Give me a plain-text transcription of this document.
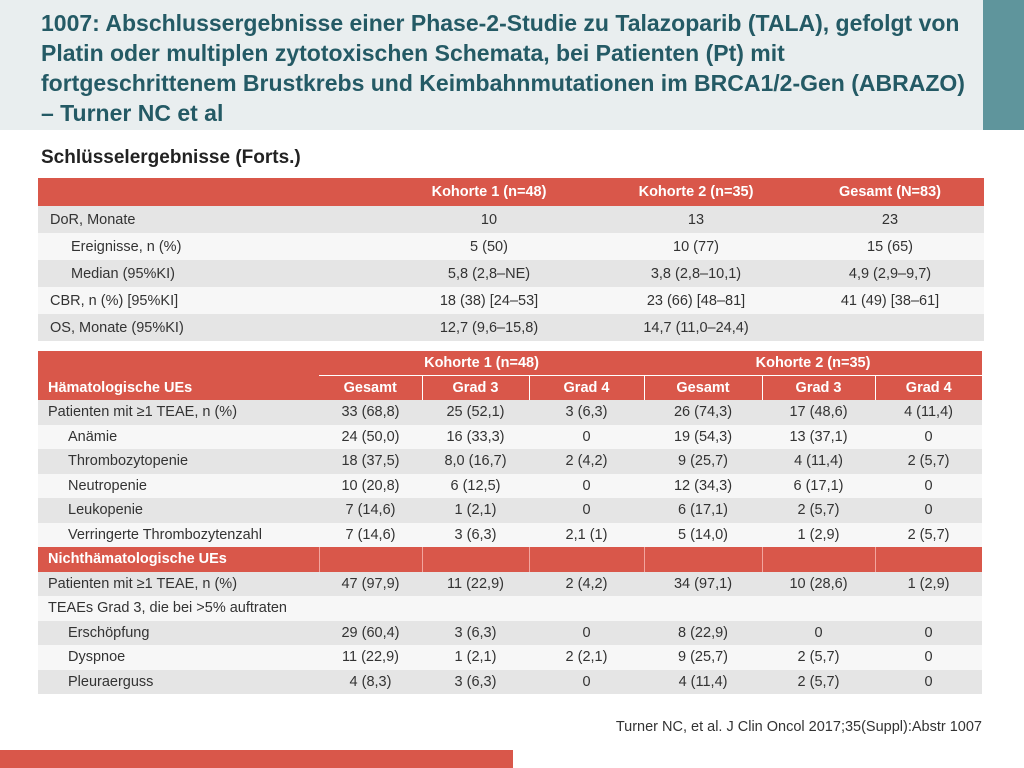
1007: Abschlussergebnisse einer Phase-2-Studie zu Talazoparib (TALA), gefolgt von Platin oder multiplen zytotoxischen Schemata, bei Patienten (Pt) mit fortgeschrittenem Brustkrebs und Keimbahnmutationen im BRCA1/2-Gen (ABRAZO) – Turner NC et al
Schlüsselergebnisse (Forts.)
	Kohorte 1 (n=48)	Kohorte 2 (n=35)	Gesamt (N=83)
DoR, Monate	10	13	23
Ereignisse, n (%)	5 (50)	10 (77)	15 (65)
Median (95%KI)	5,8 (2,8–NE)	3,8 (2,8–10,1)	4,9 (2,9–9,7)
CBR, n (%) [95%KI]	18 (38) [24–53]	23 (66) [48–81]	41 (49) [38–61]
OS, Monate (95%KI)	12,7 (9,6–15,8)	14,7 (11,0–24,4)	
Hämatologische UEs	Kohorte 1 (n=48)			Kohorte 2 (n=35)		
	Gesamt	Grad 3	Grad 4	Gesamt	Grad 3	Grad 4
Patienten mit ≥1 TEAE, n (%)	33 (68,8)	25 (52,1)	3 (6,3)	26 (74,3)	17 (48,6)	4 (11,4)
Anämie	24 (50,0)	16 (33,3)	0	19 (54,3)	13 (37,1)	0
Thrombozytopenie	18 (37,5)	8,0 (16,7)	2 (4,2)	9 (25,7)	4 (11,4)	2 (5,7)
Neutropenie	10 (20,8)	6 (12,5)	0	12 (34,3)	6 (17,1)	0
Leukopenie	7 (14,6)	1 (2,1)	0	6 (17,1)	2 (5,7)	0
Verringerte Thrombozytenzahl	7 (14,6)	3 (6,3)	2,1 (1)	5 (14,0)	1 (2,9)	2 (5,7)
Nichthämatologische UEs						
Patienten mit ≥1 TEAE, n (%)	47 (97,9)	11 (22,9)	2 (4,2)	34 (97,1)	10 (28,6)	1 (2,9)
TEAEs Grad 3, die bei >5% auftraten						
Erschöpfung	29 (60,4)	3 (6,3)	0	8 (22,9)	0	0
Dyspnoe	11 (22,9)	1 (2,1)	2 (2,1)	9 (25,7)	2 (5,7)	0
Pleuraerguss	4 (8,3)	3 (6,3)	0	4 (11,4)	2 (5,7)	0

Turner NC, et al. J Clin Oncol 2017;35(Suppl):Abstr 1007
